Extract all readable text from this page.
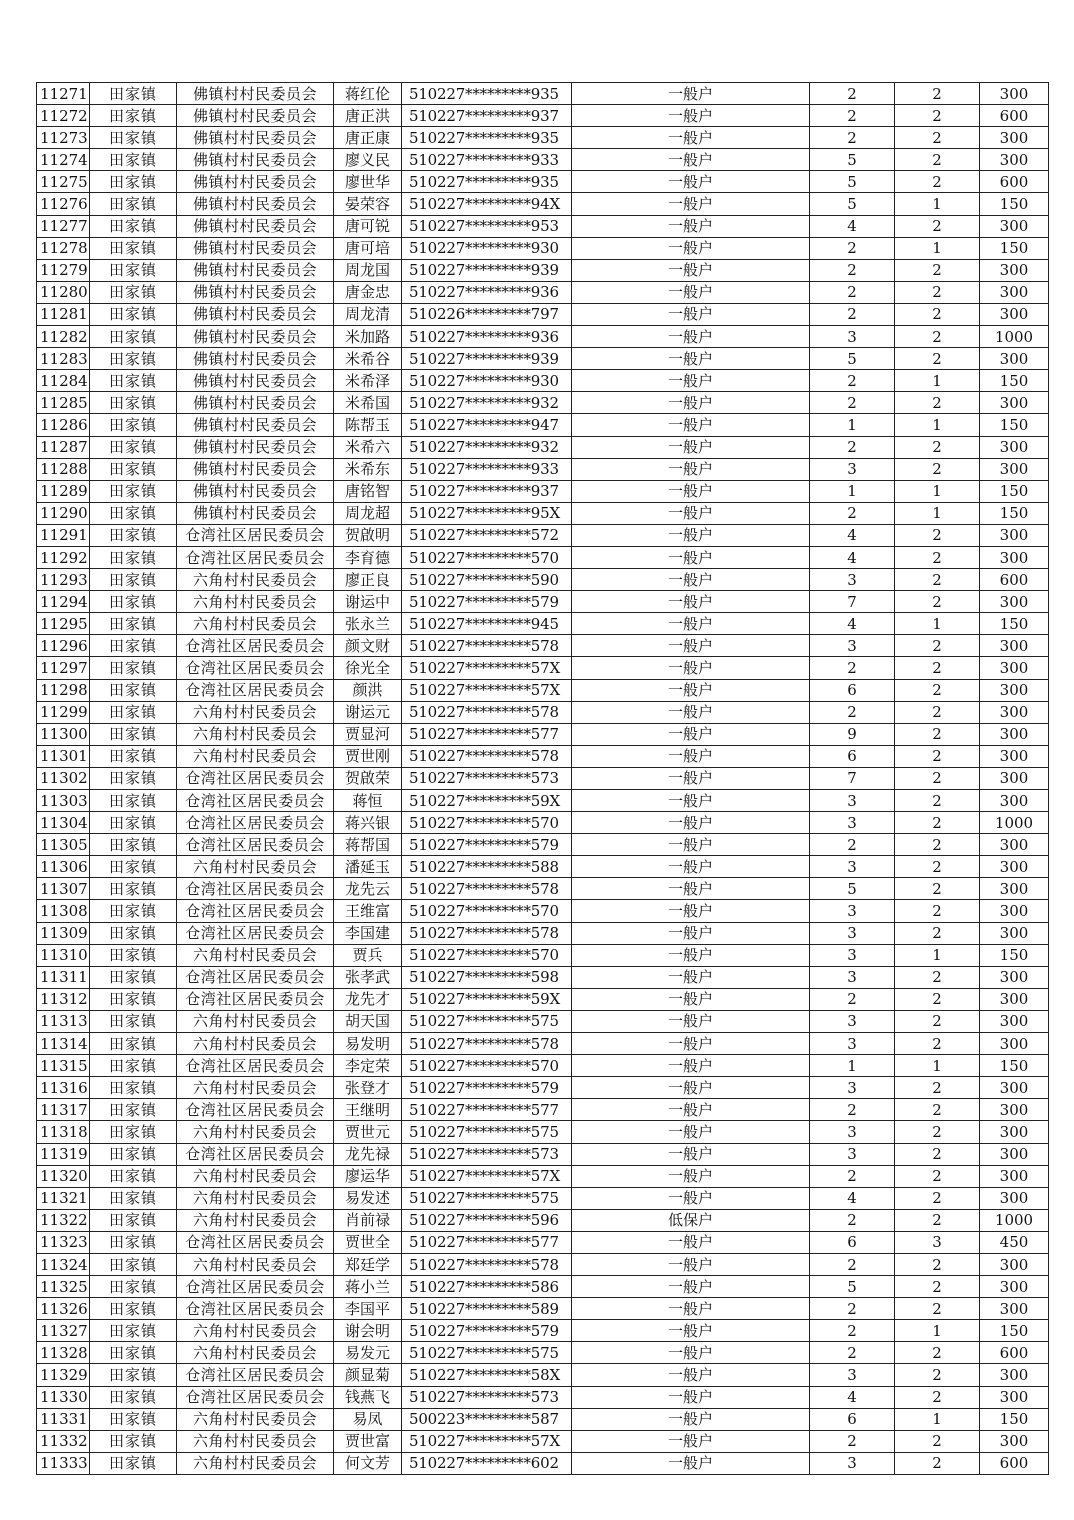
11271	田家镇	佛镇村村民委员会	蒋红伦	510227*********935	一般户	2	2	300
11272	田家镇	佛镇村村民委员会	唐正洪	510227*********937	一般户	2	2	600
11273	田家镇	佛镇村村民委员会	唐正康	510227*********935	一般户	2	2	300
11274	田家镇	佛镇村村民委员会	廖义民	510227*********933	一般户	5	2	300
11275	田家镇	佛镇村村民委员会	廖世华	510227*********935	一般户	5	2	600
11276	田家镇	佛镇村村民委员会	晏荣容	510227*********94X	一般户	5	1	150
11277	田家镇	佛镇村村民委员会	唐可锐	510227*********953	一般户	4	2	300
11278	田家镇	佛镇村村民委员会	唐可培	510227*********930	一般户	2	1	150
11279	田家镇	佛镇村村民委员会	周龙国	510227*********939	一般户	2	2	300
11280	田家镇	佛镇村村民委员会	唐金忠	510227*********936	一般户	2	2	300
11281	田家镇	佛镇村村民委员会	周龙清	510226*********797	一般户	2	2	300
11282	田家镇	佛镇村村民委员会	米加路	510227*********936	一般户	3	2	1000
11283	田家镇	佛镇村村民委员会	米希谷	510227*********939	一般户	5	2	300
11284	田家镇	佛镇村村民委员会	米希泽	510227*********930	一般户	2	1	150
11285	田家镇	佛镇村村民委员会	米希国	510227*********932	一般户	2	2	300
11286	田家镇	佛镇村村民委员会	陈帮玉	510227*********947	一般户	1	1	150
11287	田家镇	佛镇村村民委员会	米希六	510227*********932	一般户	2	2	300
11288	田家镇	佛镇村村民委员会	米希东	510227*********933	一般户	3	2	300
11289	田家镇	佛镇村村民委员会	唐铭智	510227*********937	一般户	1	1	150
11290	田家镇	佛镇村村民委员会	周龙超	510227*********95X	一般户	2	1	150
11291	田家镇	仓湾社区居民委员会	贺啟明	510227*********572	一般户	4	2	300
11292	田家镇	仓湾社区居民委员会	李育德	510227*********570	一般户	4	2	300
11293	田家镇	六角村村民委员会	廖正良	510227*********590	一般户	3	2	600
11294	田家镇	六角村村民委员会	谢运中	510227*********579	一般户	7	2	300
11295	田家镇	六角村村民委员会	张永兰	510227*********945	一般户	4	1	150
11296	田家镇	仓湾社区居民委员会	颜文财	510227*********578	一般户	3	2	300
11297	田家镇	仓湾社区居民委员会	徐光全	510227*********57X	一般户	2	2	300
11298	田家镇	仓湾社区居民委员会	颜洪	510227*********57X	一般户	6	2	300
11299	田家镇	六角村村民委员会	谢运元	510227*********578	一般户	2	2	300
11300	田家镇	六角村村民委员会	贾显河	510227*********577	一般户	9	2	300
11301	田家镇	六角村村民委员会	贾世刚	510227*********578	一般户	6	2	300
11302	田家镇	仓湾社区居民委员会	贺啟荣	510227*********573	一般户	7	2	300
11303	田家镇	仓湾社区居民委员会	蒋恒	510227*********59X	一般户	3	2	300
11304	田家镇	仓湾社区居民委员会	蒋兴银	510227*********570	一般户	3	2	1000
11305	田家镇	仓湾社区居民委员会	蒋帮国	510227*********579	一般户	2	2	300
11306	田家镇	六角村村民委员会	潘延玉	510227*********588	一般户	3	2	300
11307	田家镇	仓湾社区居民委员会	龙先云	510227*********578	一般户	5	2	300
11308	田家镇	仓湾社区居民委员会	王维富	510227*********570	一般户	3	2	300
11309	田家镇	仓湾社区居民委员会	李国建	510227*********578	一般户	3	2	300
11310	田家镇	六角村村民委员会	贾兵	510227*********570	一般户	3	1	150
11311	田家镇	仓湾社区居民委员会	张孝武	510227*********598	一般户	3	2	300
11312	田家镇	仓湾社区居民委员会	龙先才	510227*********59X	一般户	2	2	300
11313	田家镇	六角村村民委员会	胡天国	510227*********575	一般户	3	2	300
11314	田家镇	六角村村民委员会	易发明	510227*********578	一般户	3	2	300
11315	田家镇	仓湾社区居民委员会	李定荣	510227*********570	一般户	1	1	150
11316	田家镇	六角村村民委员会	张登才	510227*********579	一般户	3	2	300
11317	田家镇	仓湾社区居民委员会	王继明	510227*********577	一般户	2	2	300
11318	田家镇	六角村村民委员会	贾世元	510227*********575	一般户	3	2	300
11319	田家镇	仓湾社区居民委员会	龙先禄	510227*********573	一般户	3	2	300
11320	田家镇	六角村村民委员会	廖运华	510227*********57X	一般户	2	2	300
11321	田家镇	六角村村民委员会	易发述	510227*********575	一般户	4	2	300
11322	田家镇	六角村村民委员会	肖前禄	510227*********596	低保户	2	2	1000
11323	田家镇	仓湾社区居民委员会	贾世全	510227*********577	一般户	6	3	450
11324	田家镇	六角村村民委员会	郑廷学	510227*********578	一般户	2	2	300
11325	田家镇	仓湾社区居民委员会	蒋小兰	510227*********586	一般户	5	2	300
11326	田家镇	仓湾社区居民委员会	李国平	510227*********589	一般户	2	2	300
11327	田家镇	六角村村民委员会	谢会明	510227*********579	一般户	2	1	150
11328	田家镇	六角村村民委员会	易发元	510227*********575	一般户	2	2	600
11329	田家镇	仓湾社区居民委员会	颜显菊	510227*********58X	一般户	3	2	300
11330	田家镇	仓湾社区居民委员会	钱燕飞	510227*********573	一般户	4	2	300
11331	田家镇	六角村村民委员会	易凤	500223*********587	一般户	6	1	150
11332	田家镇	六角村村民委员会	贾世富	510227*********57X	一般户	2	2	300
11333	田家镇	六角村村民委员会	何文芳	510227*********602	一般户	3	2	600
